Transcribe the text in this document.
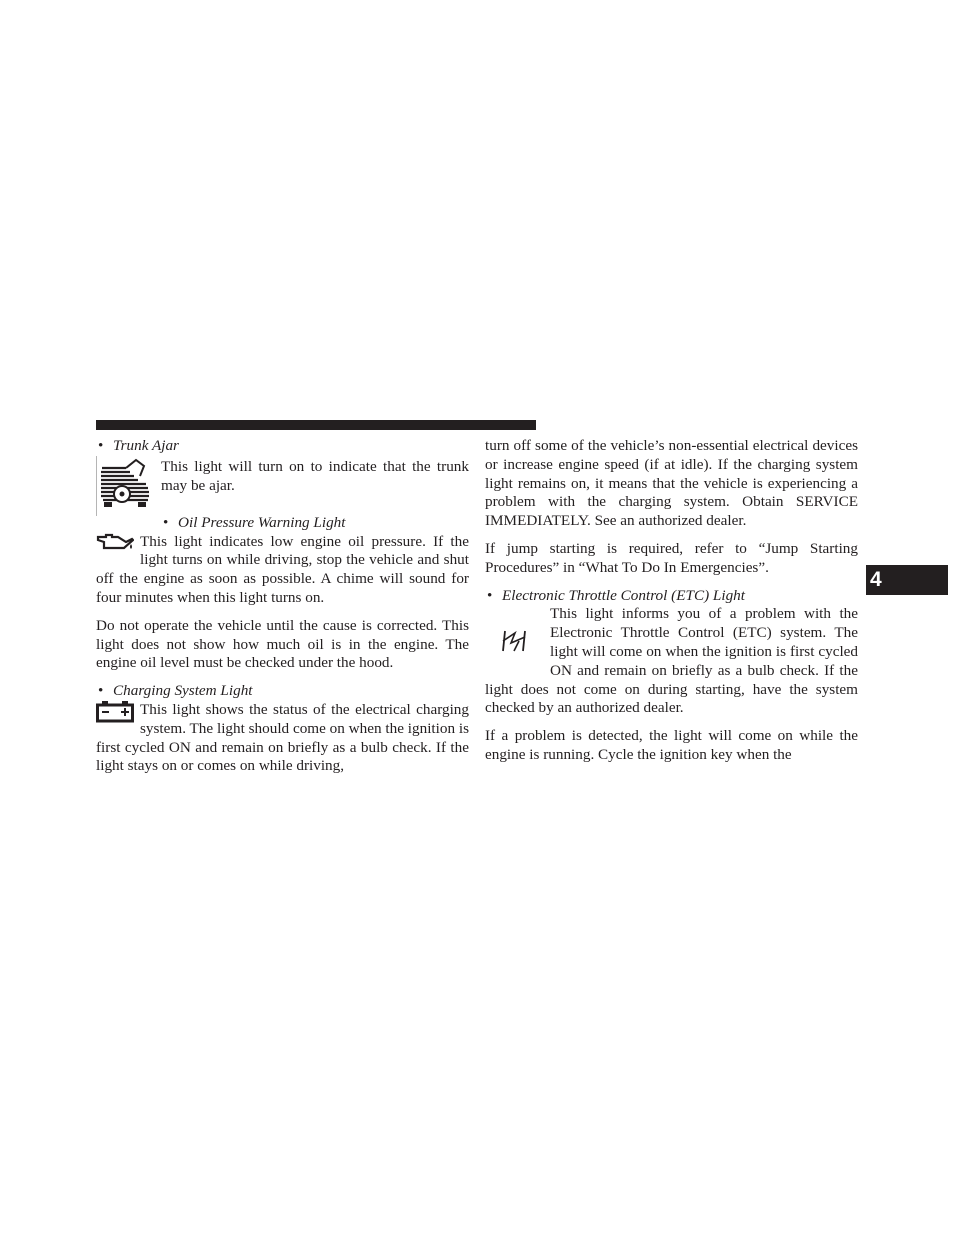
4
• Trunk Ajar

This light will turn on to indicate that the trunk may be ajar.

• Oil Pressure Warning Light

This light indicates low engine oil pressure. If the light turns on while driving, stop the vehicle and shut off the engine as soon as possible. A chime will sound for four minutes when this light turns on.

Do not operate the vehicle until the cause is corrected. This light does not show how much oil is in the engine. The engine oil level must be checked under the hood.

• Charging System Light

This light shows the status of the electrical charging system. The light should come on when the ignition is first cycled ON and remain on briefly as a bulb check. If the light stays on or comes on while driving,

turn off some of the vehicle’s non-essential electrical devices or increase engine speed (if at idle). If the charging system light remains on, it means that the vehicle is experiencing a problem with the charging system. Obtain SERVICE IMMEDIATELY. See an authorized dealer.

If jump starting is required, refer to “Jump Starting Procedures” in “What To Do In Emergencies”.

• Electronic Throttle Control (ETC) Light

This light informs you of a problem with the Electronic Throttle Control (ETC) system. The light will come on when the ignition is first cycled ON and remain on briefly as a bulb check. If the light does not come on during starting, have the system checked by an authorized dealer.

If a problem is detected, the light will come on while the engine is running. Cycle the ignition key when the
